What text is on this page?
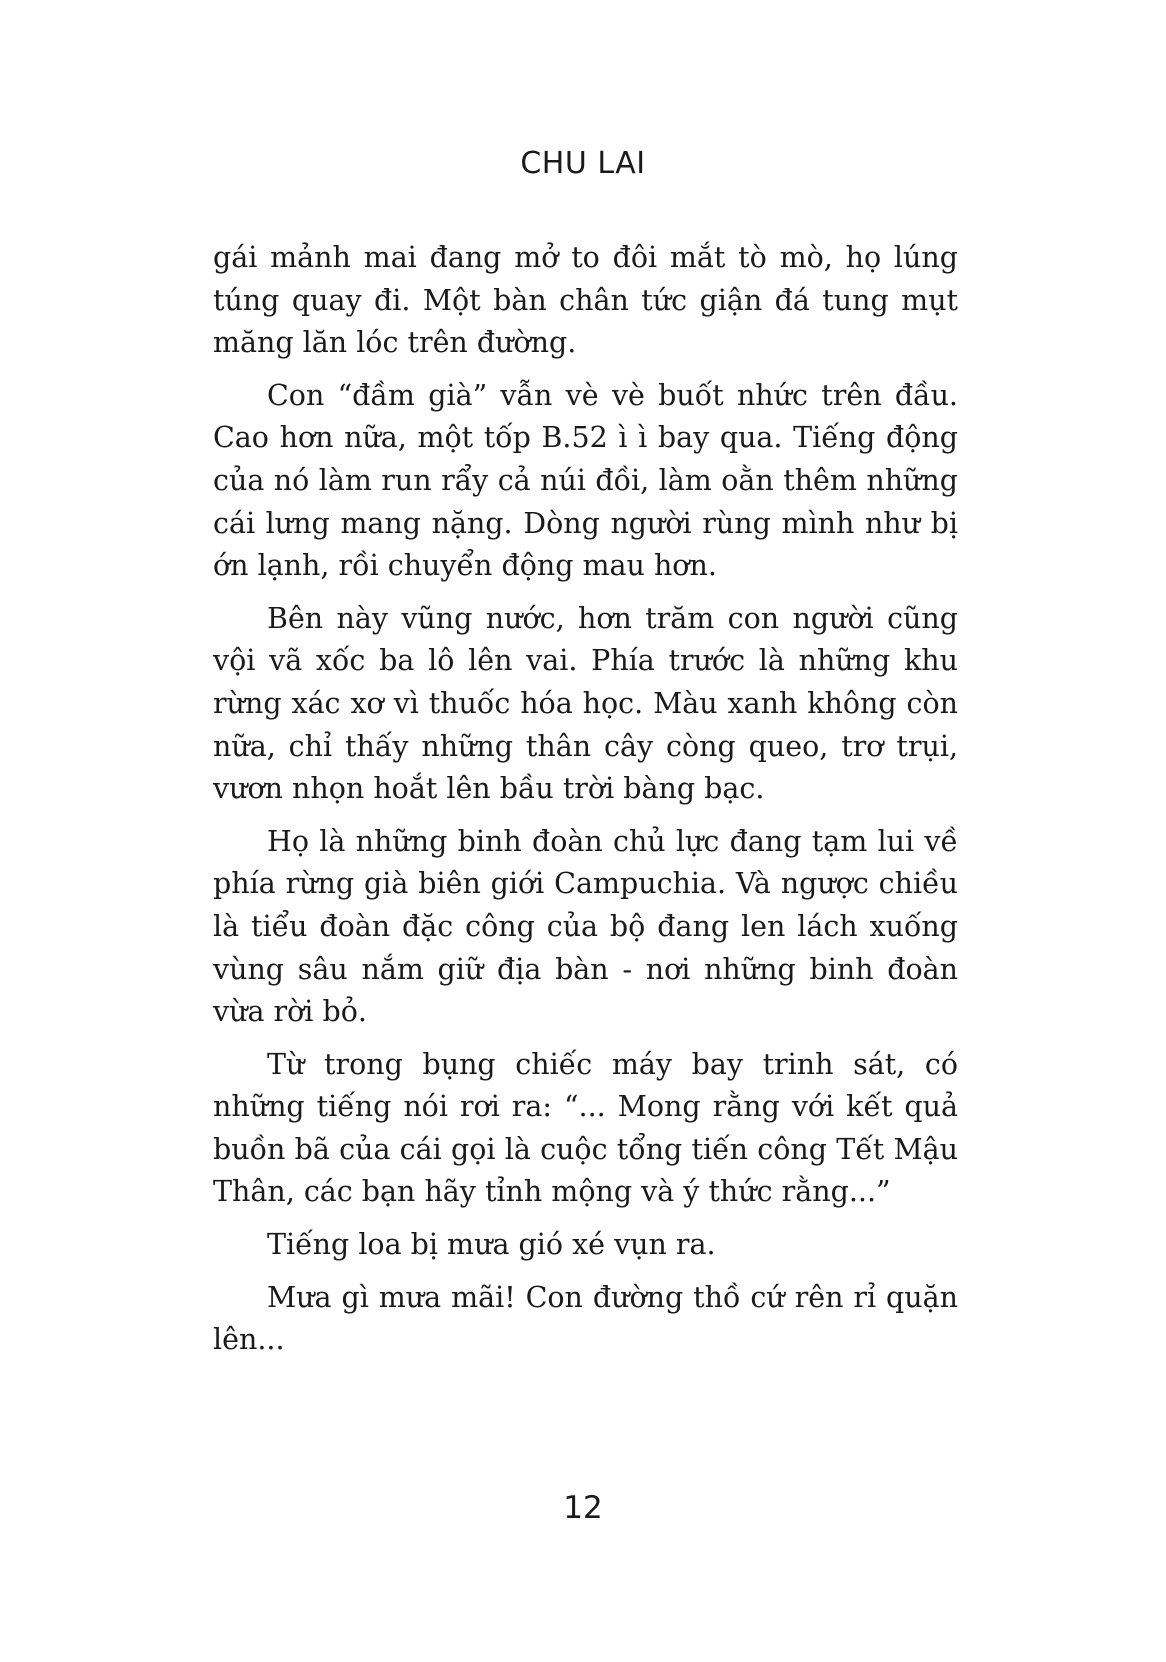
CHU LAI

gái mảnh mai đang mở to đôi mắt tò mò, họ lúng túng quay đi. Một bàn chân tức giận đá tung mụt măng lăn lóc trên đường.

Con “đầm già” vẫn vè vè buốt nhức trên đầu. Cao hơn nữa, một tốp B.52 ì ì bay qua. Tiếng động của nó làm run rẩy cả núi đồi, làm oằn thêm những cái lưng mang nặng. Dòng người rùng mình như bị ớn lạnh, rồi chuyển động mau hơn.

Bên này vũng nước, hơn trăm con người cũng vội vã xốc ba lô lên vai. Phía trước là những khu rừng xác xơ vì thuốc hóa học. Màu xanh không còn nữa, chỉ thấy những thân cây còng queo, trơ trụi, vươn nhọn hoắt lên bầu trời bàng bạc.

Họ là những binh đoàn chủ lực đang tạm lui về phía rừng già biên giới Campuchia. Và ngược chiều là tiểu đoàn đặc công của bộ đang len lách xuống vùng sâu nắm giữ địa bàn - nơi những binh đoàn vừa rời bỏ.

Từ trong bụng chiếc máy bay trinh sát, có những tiếng nói rơi ra: “... Mong rằng với kết quả buồn bã của cái gọi là cuộc tổng tiến công Tết Mậu Thân, các bạn hãy tỉnh mộng và ý thức rằng...”

Tiếng loa bị mưa gió xé vụn ra.

Mưa gì mưa mãi! Con đường thồ cứ rên rỉ quặn lên...

12
